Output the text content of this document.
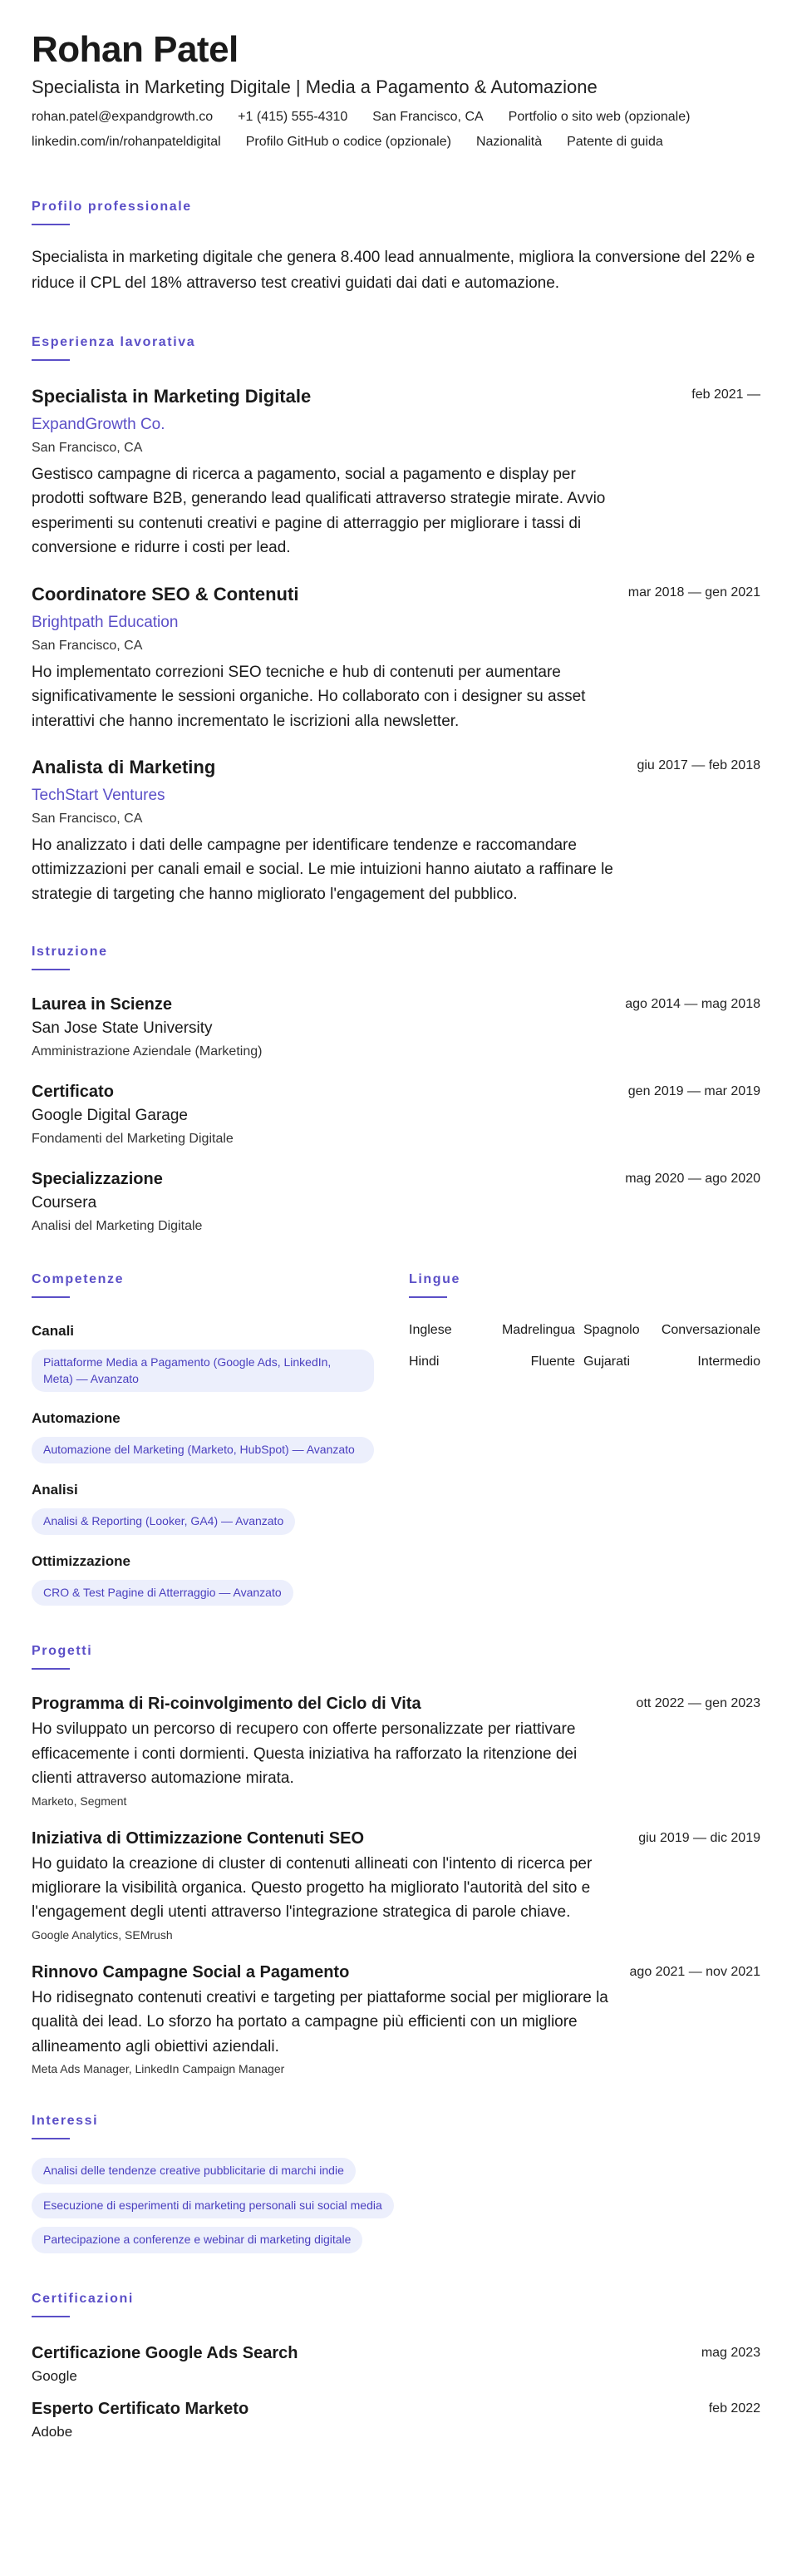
Rohan Patel
Specialista in Marketing Digitale | Media a Pagamento & Automazione
rohan.patel@expandgrowth.co +1 (415) 555-4310 San Francisco, CA Portfolio o sito web (opzionale)
linkedin.com/in/rohanpateldigital Profilo GitHub o codice (opzionale) Nazionalità Patente di guida
Profilo professionale
Specialista in marketing digitale che genera 8.400 lead annualmente, migliora la conversione del 22% e riduce il CPL del 18% attraverso test creativi guidati dai dati e automazione.
Esperienza lavorativa
Specialista in Marketing Digitale	feb 2021 —
ExpandGrowth Co.
San Francisco, CA
Gestisco campagne di ricerca a pagamento, social a pagamento e display per prodotti software B2B, generando lead qualificati attraverso strategie mirate. Avvio esperimenti su contenuti creativi e pagine di atterraggio per migliorare i tassi di conversione e ridurre i costi per lead.
Coordinatore SEO & Contenuti	mar 2018 — gen 2021
Brightpath Education
San Francisco, CA
Ho implementato correzioni SEO tecniche e hub di contenuti per aumentare significativamente le sessioni organiche. Ho collaborato con i designer su asset interattivi che hanno incrementato le iscrizioni alla newsletter.
Analista di Marketing	giu 2017 — feb 2018
TechStart Ventures
San Francisco, CA
Ho analizzato i dati delle campagne per identificare tendenze e raccomandare ottimizzazioni per canali email e social. Le mie intuizioni hanno aiutato a raffinare le strategie di targeting che hanno migliorato l'engagement del pubblico.
Istruzione
Laurea in Scienze	ago 2014 — mag 2018
San Jose State University
Amministrazione Aziendale (Marketing)
Certificato	gen 2019 — mar 2019
Google Digital Garage
Fondamenti del Marketing Digitale
Specializzazione	mag 2020 — ago 2020
Coursera
Analisi del Marketing Digitale
Competenze
Canali
Piattaforme Media a Pagamento (Google Ads, LinkedIn, Meta) — Avanzato
Automazione
Automazione del Marketing (Marketo, HubSpot) — Avanzato
Analisi
Analisi & Reporting (Looker, GA4) — Avanzato
Ottimizzazione
CRO & Test Pagine di Atterraggio — Avanzato
Lingue
Inglese	Madrelingua Spagnolo	Conversazionale
Hindi	Fluente Gujarati	Intermedio
Progetti
Programma di Ri-coinvolgimento del Ciclo di Vita	ott 2022 — gen 2023
Ho sviluppato un percorso di recupero con offerte personalizzate per riattivare efficacemente i conti dormienti. Questa iniziativa ha rafforzato la ritenzione dei clienti attraverso automazione mirata.
Marketo, Segment
Iniziativa di Ottimizzazione Contenuti SEO	giu 2019 — dic 2019
Ho guidato la creazione di cluster di contenuti allineati con l'intento di ricerca per migliorare la visibilità organica. Questo progetto ha migliorato l'autorità del sito e l'engagement degli utenti attraverso l'integrazione strategica di parole chiave.
Google Analytics, SEMrush
Rinnovo Campagne Social a Pagamento	ago 2021 — nov 2021
Ho ridisegnato contenuti creativi e targeting per piattaforme social per migliorare la qualità dei lead. Lo sforzo ha portato a campagne più efficienti con un migliore allineamento agli obiettivi aziendali.
Meta Ads Manager, LinkedIn Campaign Manager
Interessi
Analisi delle tendenze creative pubblicitarie di marchi indie
Esecuzione di esperimenti di marketing personali sui social media
Partecipazione a conferenze e webinar di marketing digitale
Certificazioni
Certificazione Google Ads Search	mag 2023
Google
Esperto Certificato Marketo	feb 2022
Adobe
